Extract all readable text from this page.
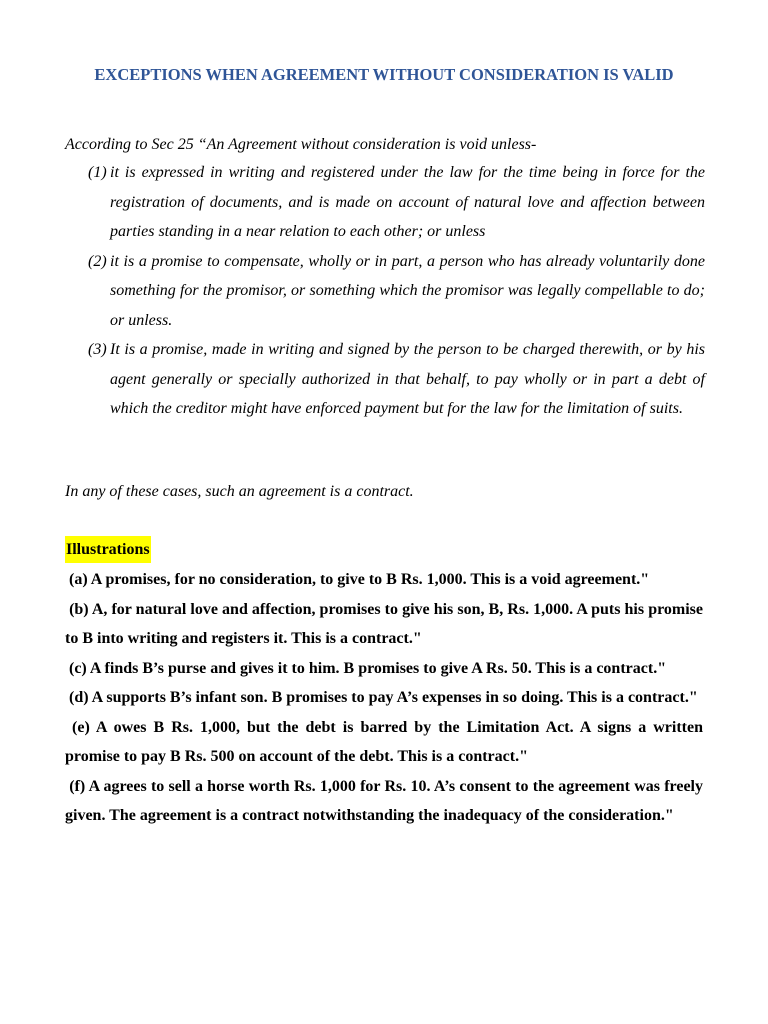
EXCEPTIONS WHEN AGREEMENT WITHOUT CONSIDERATION IS VALID
According to Sec 25 “An Agreement without consideration is void unless-
(1) it is expressed in writing and registered under the law for the time being in force for the registration of documents, and is made on account of natural love and affection between parties standing in a near relation to each other; or unless
(2) it is a promise to compensate, wholly or in part, a person who has already voluntarily done something for the promisor, or something which the promisor was legally compellable to do; or unless.
(3) It is a promise, made in writing and signed by the person to be charged therewith, or by his agent generally or specially authorized in that behalf, to pay wholly or in part a debt of which the creditor might have enforced payment but for the law for the limitation of suits.
In any of these cases, such an agreement is a contract.
Illustrations
(a) A promises, for no consideration, to give to B Rs. 1,000. This is a void agreement."
(b) A, for natural love and affection, promises to give his son, B, Rs. 1,000. A puts his promise to B into writing and registers it. This is a contract."
(c) A finds B’s purse and gives it to him. B promises to give A Rs. 50. This is a contract."
(d) A supports B’s infant son. B promises to pay A’s expenses in so doing. This is a contract."
(e) A owes B Rs. 1,000, but the debt is barred by the Limitation Act. A signs a written promise to pay B Rs. 500 on account of the debt. This is a contract."
(f) A agrees to sell a horse worth Rs. 1,000 for Rs. 10. A’s consent to the agreement was freely given. The agreement is a contract notwithstanding the inadequacy of the consideration."
